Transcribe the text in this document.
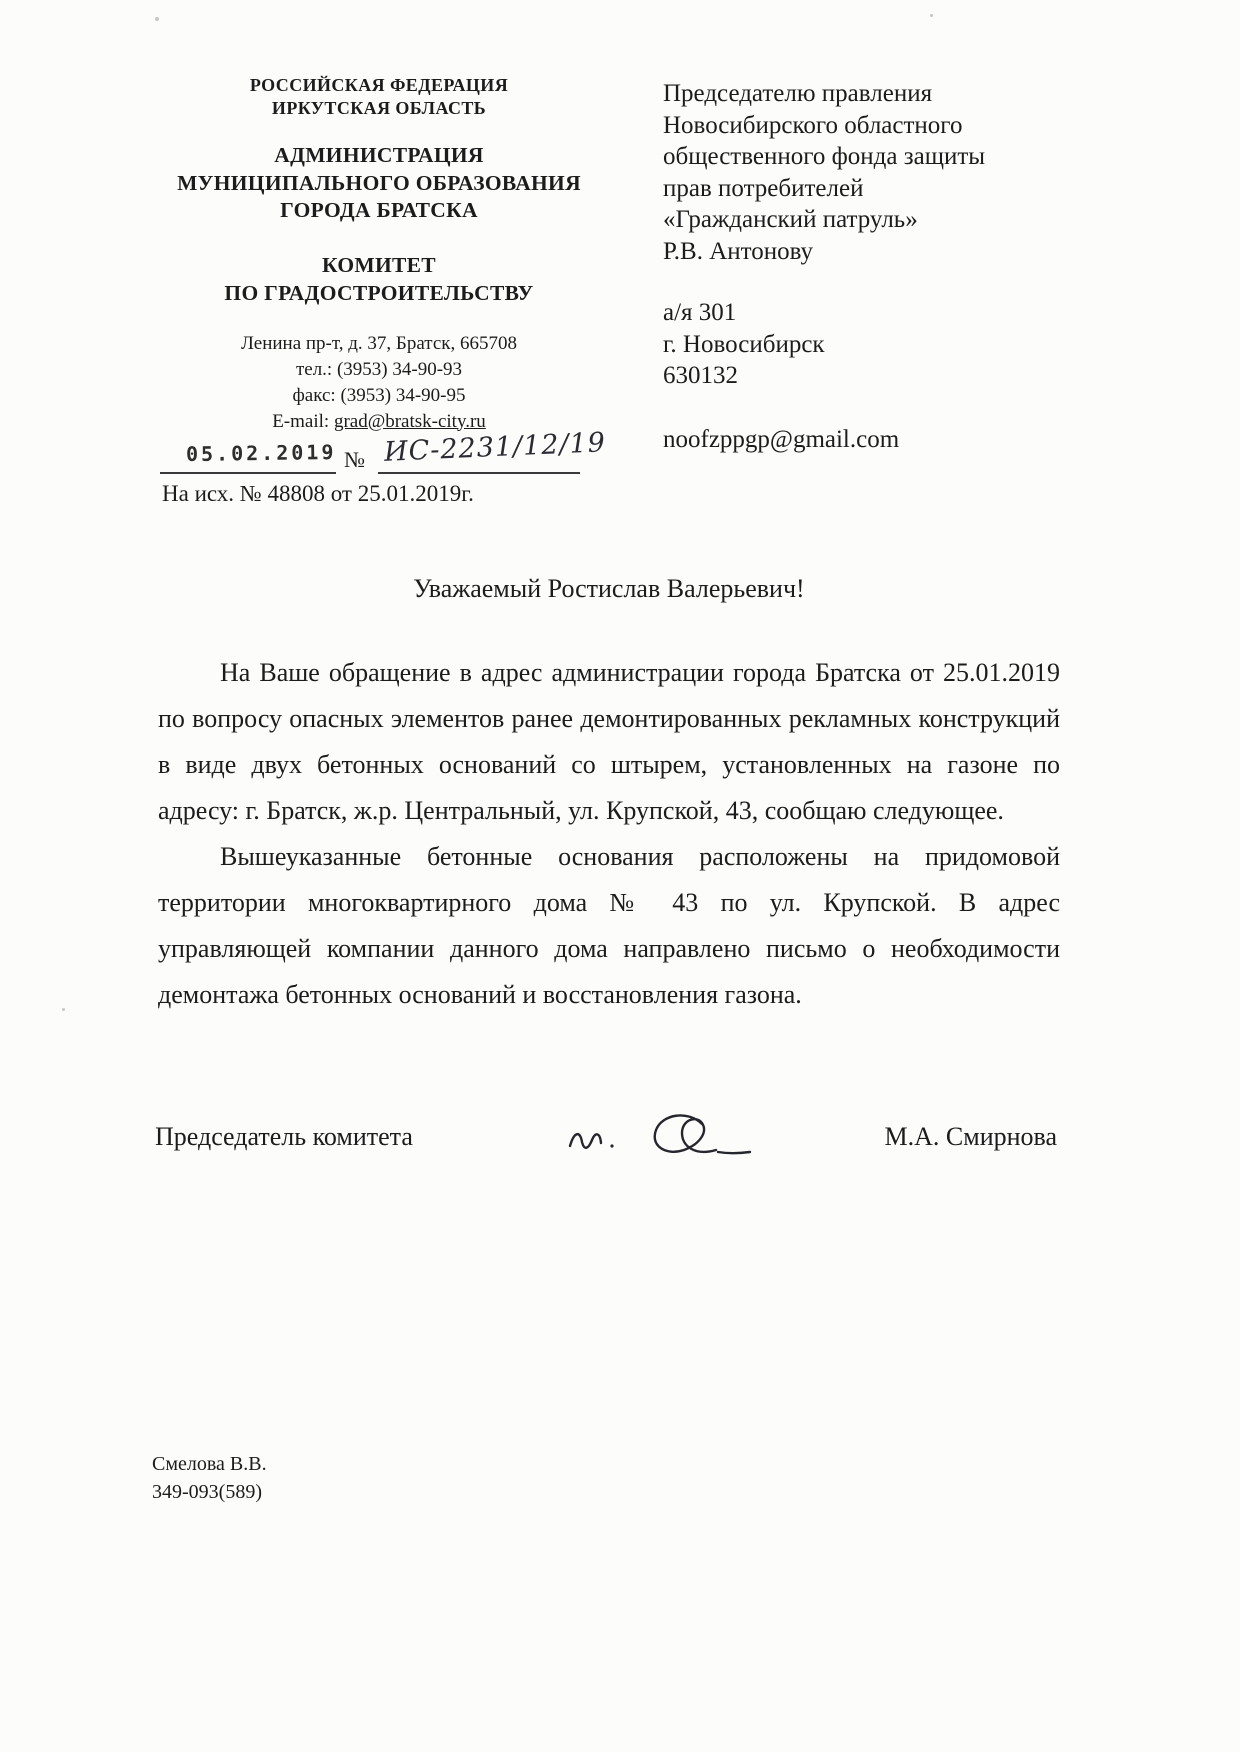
РОССИЙСКАЯ ФЕДЕРАЦИЯ
ИРКУТСКАЯ ОБЛАСТЬ
АДМИНИСТРАЦИЯ
МУНИЦИПАЛЬНОГО ОБРАЗОВАНИЯ
ГОРОДА БРАТСКА
КОМИТЕТ
ПО ГРАДОСТРОИТЕЛЬСТВУ
Ленина пр-т, д. 37, Братск, 665708
тел.: (3953) 34-90-93
факс: (3953) 34-90-95
E-mail: grad@bratsk-city.ru
05.02.2019 № ИС-2231/12/19
На исх. № 48808 от 25.01.2019г.
Председателю правления
Новосибирского областного
общественного фонда защиты
прав потребителей
«Гражданский патруль»
Р.В. Антонову
а/я 301
г. Новосибирск
630132
noofzppgp@gmail.com
Уважаемый Ростислав Валерьевич!

На Ваше обращение в адрес администрации города Братска от 25.01.2019 по вопросу опасных элементов ранее демонтированных рекламных конструкций в виде двух бетонных оснований со штырем, установленных на газоне по адресу: г. Братск, ж.р. Центральный, ул. Крупской, 43, сообщаю следующее.

Вышеуказанные бетонные основания расположены на придомовой территории многоквартирного дома № 43 по ул. Крупской. В адрес управляющей компании данного дома направлено письмо о необходимости демонтажа бетонных оснований и восстановления газона.

Председатель комитета	М.А. Смирнова
Смелова В.В.
349-093(589)
